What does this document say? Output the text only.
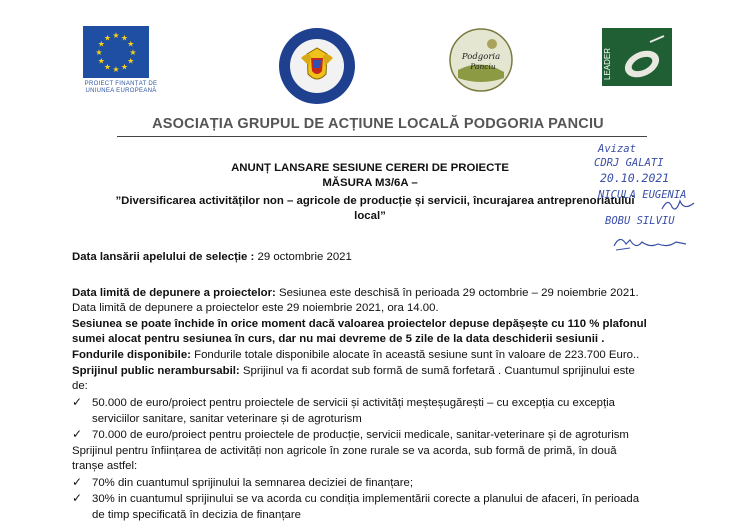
★
★
★
★
★
★
★
★
★ ★ ★
★
PROIECT FINANȚAT DE
UNIUNEA EUROPEANĂ
Podgoria
Panciu	LEADER
ASOCIAȚIA GRUPUL DE ACȚIUNE LOCALĂ PODGORIA PANCIU
ANUNȚ LANSARE SESIUNE CERERI DE PROIECTE
MĂSURA M3/6A –
”Diversificarea activităților non – agricole de producție și servicii, încurajarea antreprenoriatului
local”
Avizat
CDRJ GALATI
20.10.2021
NICULA EUGENIA
BOBU SILVIU
Data lansării apelului de selecție : 29 octombrie 2021
Data limită de depunere a proiectelor: Sesiunea este deschisă în perioada 29 octombrie – 29 noiembrie 2021.
Data limită de depunere a proiectelor este 29 noiembrie 2021, ora 14.00.
Sesiunea se poate închide în orice moment dacă valoarea proiectelor depuse depășește cu 110 % plafonul
sumei alocat pentru sesiunea în curs, dar nu mai devreme de 5 zile de la data deschiderii sesiunii .
Fondurile disponibile: Fondurile totale disponibile alocate în această sesiune sunt în valoare de 223.700 Euro..
Sprijinul public nerambursabil: Sprijinul va fi acordat sub formă de sumă forfetară . Cuantumul sprijinului este
de:
✓ 50.000 de euro/proiect pentru proiectele de servicii și activități meșteșugărești – cu excepția cu excepția
serviciilor sanitare, sanitar veterinare și de agroturism
✓ 70.000 de euro/proiect pentru proiectele de producție, servicii medicale, sanitar-veterinare și de agroturism
Sprijinul pentru înființarea de activități non agricole în zone rurale se va acorda, sub formă de primă, în două
tranșe astfel:
✓ 70% din cuantumul sprijinului la semnarea deciziei de finanțare;
✓ 30% in cuantumul sprijinului se va acorda cu condiția implementării corecte a planului de afaceri, în perioada
de timp specificată în decizia de finanțare
